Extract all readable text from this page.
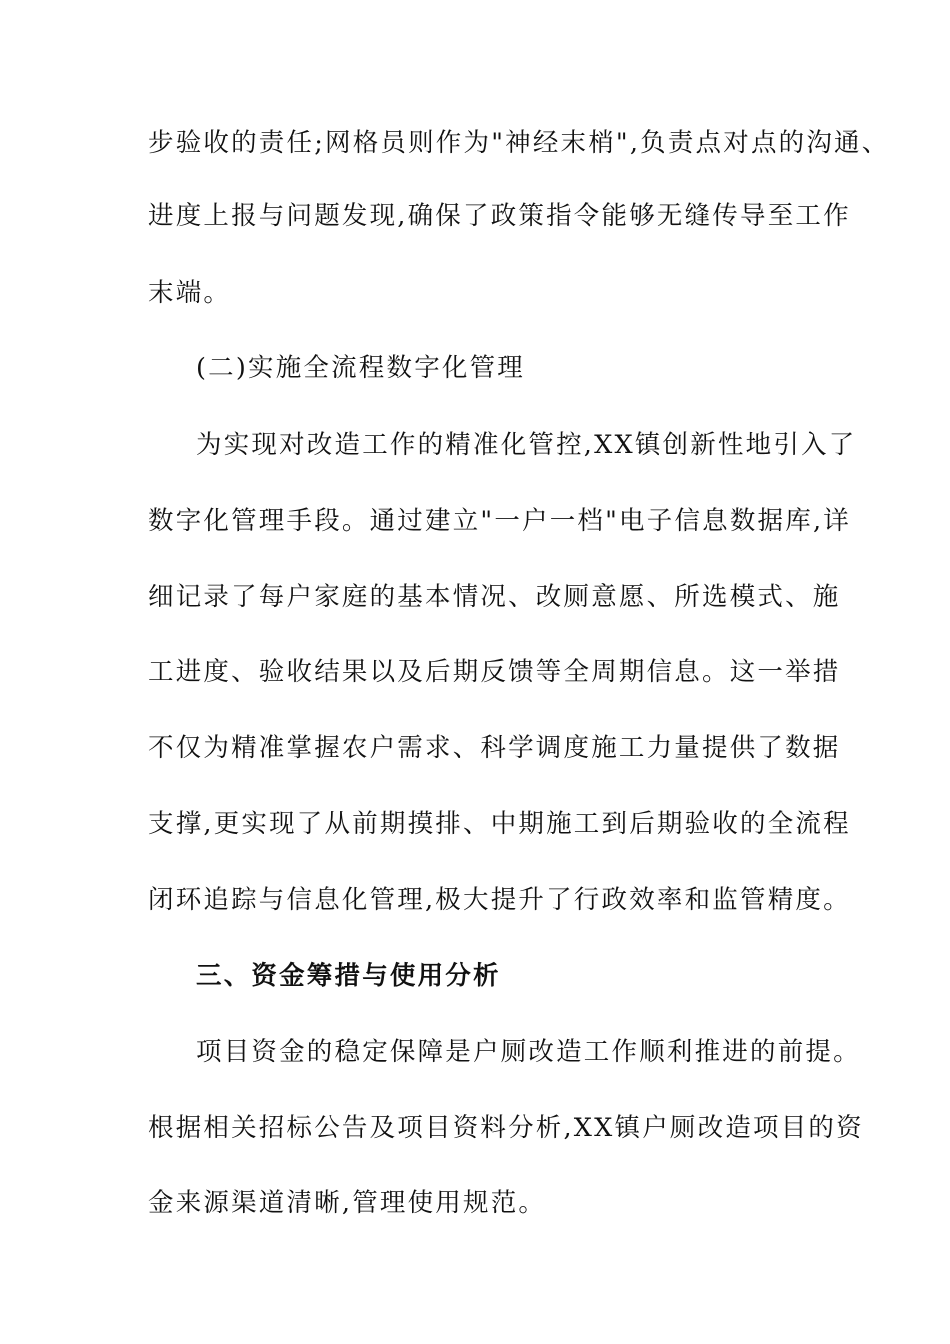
步验收的责任;网格员则作为"神经末梢",负责点对点的沟通、
进度上报与问题发现,确保了政策指令能够无缝传导至工作
末端。
(二)实施全流程数字化管理
为实现对改造工作的精准化管控,XX镇创新性地引入了
数字化管理手段。通过建立"一户一档"电子信息数据库,详
细记录了每户家庭的基本情况、改厕意愿、所选模式、施
工进度、验收结果以及后期反馈等全周期信息。这一举措
不仅为精准掌握农户需求、科学调度施工力量提供了数据
支撑,更实现了从前期摸排、中期施工到后期验收的全流程
闭环追踪与信息化管理,极大提升了行政效率和监管精度。
三、资金筹措与使用分析
项目资金的稳定保障是户厕改造工作顺利推进的前提。
根据相关招标公告及项目资料分析,XX镇户厕改造项目的资
金来源渠道清晰,管理使用规范。
